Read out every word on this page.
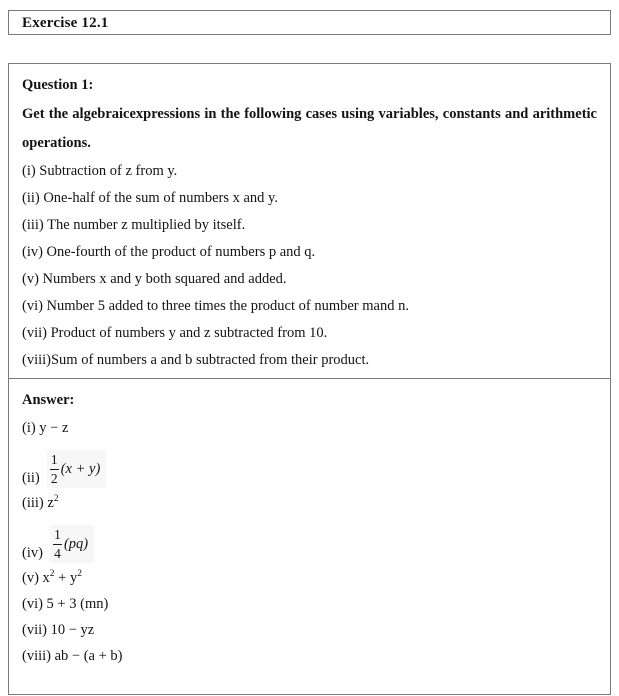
Exercise 12.1
Question 1:

Get the algebraicexpressions in the following cases using variables, constants and arithmetic operations.

(i) Subtraction of z from y.
(ii) One-half of the sum of numbers x and y.
(iii) The number z multiplied by itself.
(iv) One-fourth of the product of numbers p and q.
(v) Numbers x and y both squared and added.
(vi) Number 5 added to three times the product of number mand n.
(vii) Product of numbers y and z subtracted from 10.
(viii)Sum of numbers a and b subtracted from their product.
Answer:
(i) y − z
$(ii) \frac{1}{2} (x + y)$
(iii) $z^2$
$(iv) \frac{1}{4} (pq)$
(v) $x^2 + y^2$
(vi) 5 + 3 (mn)
(vii) 10 − yz
(viii) ab − (a + b)
